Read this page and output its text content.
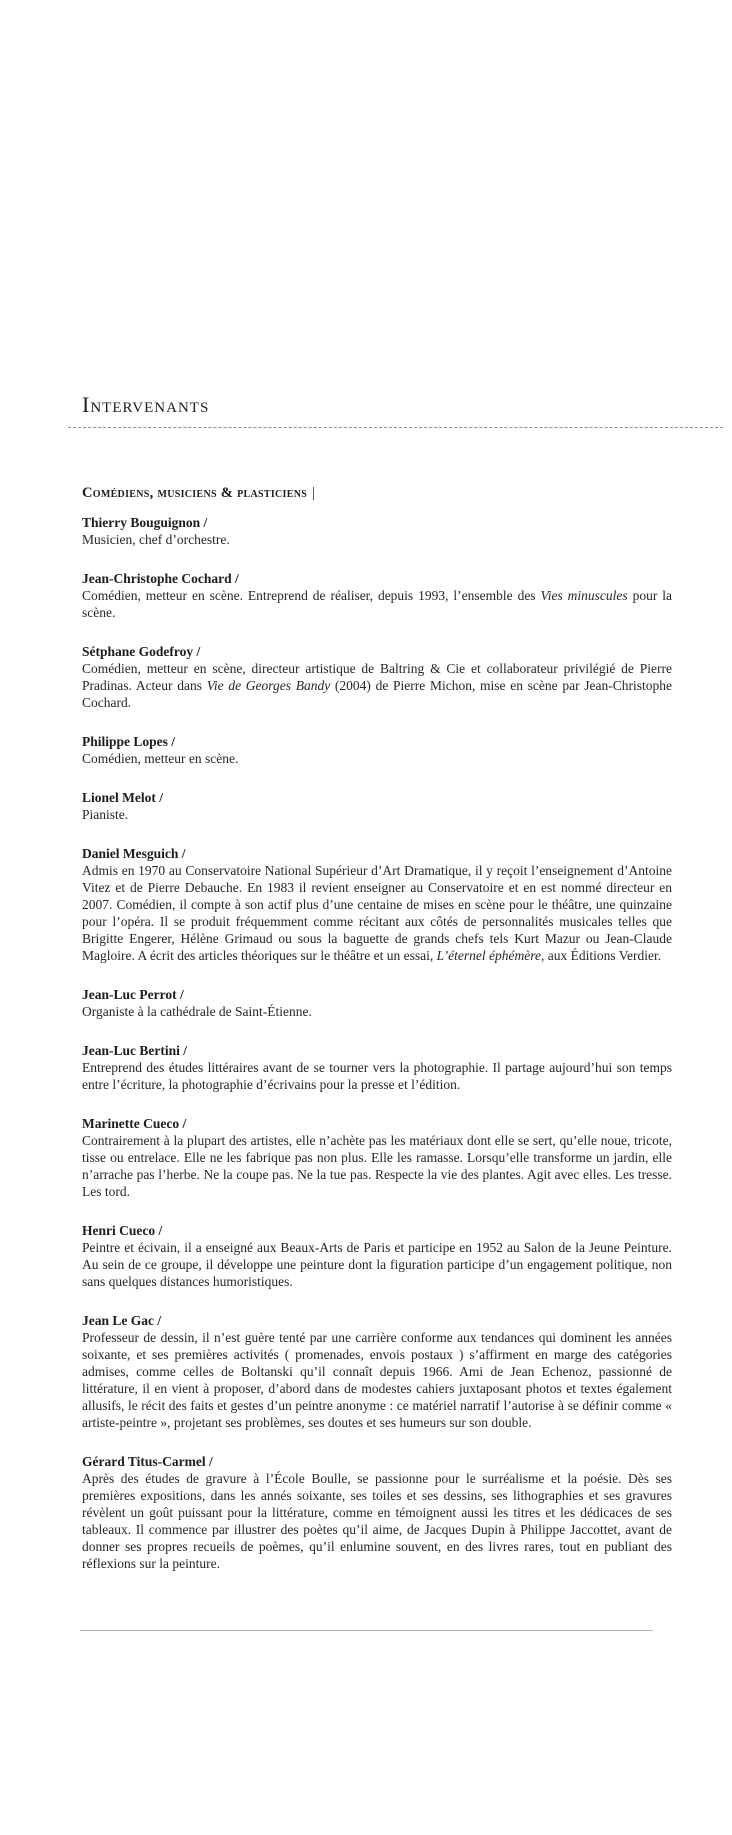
Intervenants
Comédiens, musiciens & plasticiens |
Thierry Bouguignon /

Musicien, chef d’orchestre.

Jean-Christophe Cochard /

Comédien, metteur en scène. Entreprend de réaliser, depuis 1993, l’ensemble des Vies minuscules pour la scène.

Sétphane Godefroy /

Comédien, metteur en scène, directeur artistique de Baltring & Cie et collaborateur privilégié de Pierre Pradinas. Acteur dans Vie de Georges Bandy (2004) de Pierre Michon, mise en scène par Jean-Christophe Cochard.

Philippe Lopes /

Comédien, metteur en scène.

Lionel Melot /

Pianiste.

Daniel Mesguich /

Admis en 1970 au Conservatoire National Supérieur d’Art Dramatique, il y reçoit l’enseignement d’Antoine Vitez et de Pierre Debauche. En 1983 il revient enseigner au Conservatoire et en est nommé directeur en 2007. Comédien, il compte à son actif plus d’une centaine de mises en scène pour le théâtre, une quinzaine pour l’opéra. Il se produit fréquemment comme récitant aux côtés de personnalités musicales telles que Brigitte Engerer, Hélène Grimaud ou sous la baguette de grands chefs tels Kurt Mazur ou Jean-Claude Magloire. A écrit des articles théoriques sur le théâtre et un essai, L’éternel éphémère, aux Éditions Verdier.

Jean-Luc Perrot /

Organiste à la cathédrale de Saint-Étienne.

Jean-Luc Bertini /

Entreprend des études littéraires avant de se tourner vers la photographie. Il partage aujourd’hui son temps entre l’écriture, la photographie d’écrivains pour la presse et l’édition.

Marinette Cueco /

Contrairement à la plupart des artistes, elle n’achète pas les matériaux dont elle se sert, qu’elle noue, tricote, tisse ou entrelace. Elle ne les fabrique pas non plus. Elle les ramasse. Lorsqu’elle transforme un jardin, elle n’arrache pas l’herbe. Ne la coupe pas. Ne la tue pas. Respecte la vie des plantes. Agit avec elles. Les tresse. Les tord.

Henri Cueco /

Peintre et écivain, il a enseigné aux Beaux-Arts de Paris et participe en 1952 au Salon de la Jeune Peinture. Au sein de ce groupe, il développe une peinture dont la figuration participe d’un engagement politique, non sans quelques distances humoristiques.

Jean Le Gac /

Professeur de dessin, il n’est guère tenté par une carrière conforme aux tendances qui dominent les années soixante, et ses premières activités ( promenades, envois postaux ) s’affirment en marge des catégories admises, comme celles de Boltanski qu’il connaît depuis 1966. Ami de Jean Echenoz, passionné de littérature, il en vient à proposer, d’abord dans de modestes cahiers juxtaposant photos et textes également allusifs, le récit des faits et gestes d’un peintre anonyme : ce matériel narratif l’autorise à se définir comme « artiste-peintre », projetant ses problèmes, ses doutes et ses humeurs sur son double.

Gérard Titus-Carmel /

Après des études de gravure à l’École Boulle, se passionne pour le surréalisme et la poésie. Dès ses premières expositions, dans les annés soixante, ses toiles et ses dessins, ses lithographies et ses gravures révèlent un goût puissant pour la littérature, comme en témoignent aussi les titres et les dédicaces de ses tableaux. Il commence par illustrer des poètes qu’il aime, de Jacques Dupin à Philippe Jaccottet, avant de donner ses propres recueils de poèmes, qu’il enlumine souvent, en des livres rares, tout en publiant des réflexions sur la peinture.
